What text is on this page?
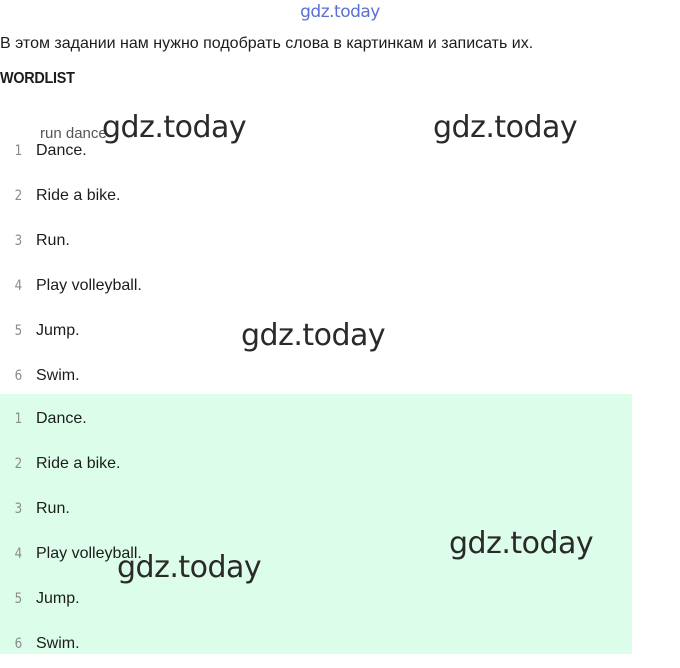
gdz.today
В этом задании нам нужно подобрать слова в картинкам и записать их.
WORDLIST
run dance
1 Dance.
2 Ride a bike.
3 Run.
4 Play volleyball.
5 Jump.
6 Swim.
1 Dance.
2 Ride a bike.
3 Run.
4 Play volleyball.
5 Jump.
6 Swim.
gdz.today	gdz.today
gdz.today
gdz.today
gdz.today
